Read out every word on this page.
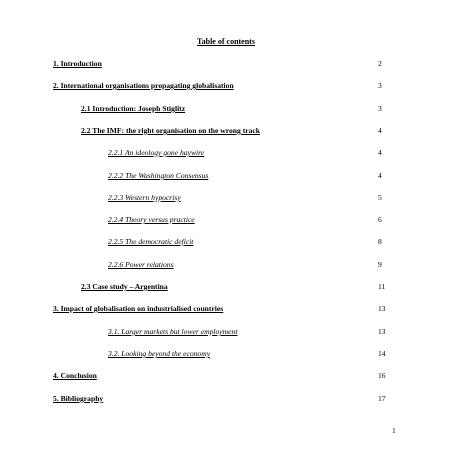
Table of contents
1. Introduction	2
2. International organisations propagating globalisation	3
2.1 Introduction: Joseph Stiglitz	3
2.2 The IMF: the right organisation on the wrong track	4
2.2.1 An ideology gone haywire	4
2.2.2 The Washington Consensus	4
2.2.3 Western hypocrisy	5
2.2.4 Theory versus practice	6
2.2.5 The democratic deficit	8
2.2.6 Power relations	9
2.3 Case study – Argentina	11
3. Impact of globalisation on industrialised countries	13
3.1. Larger markets but lower employment	13
3.2. Looking beyond the economy	14
4. Conclusion	16
5. Bibliography	17
1
